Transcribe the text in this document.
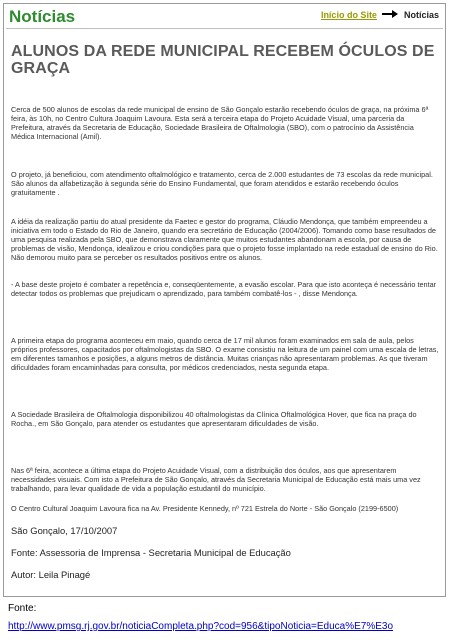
Notícias	Início do Site	Notícias
ALUNOS DA REDE MUNICIPAL RECEBEM ÓCULOS DE GRAÇA

Cerca de 500 alunos de escolas da rede municipal de ensino de São Gonçalo estarão recebendo óculos de graça, na próxima 6ª feira, às 10h, no Centro Cultura Joaquim Lavoura. Esta será a terceira etapa do Projeto Acuidade Visual, uma parceria da Prefeitura, através da Secretaria de Educação, Sociedade Brasileira de Oftalmologia (SBO), com o patrocínio da Assistência Médica Internacional (Amil).

O projeto, já beneficiou, com atendimento oftalmológico e tratamento, cerca de 2.000 estudantes de 73 escolas da rede municipal. São alunos da alfabetização à segunda série do Ensino Fundamental, que foram atendidos e estarão recebendo óculos gratuitamente .

A idéia da realização partiu do atual presidente da Faetec e gestor do programa, Cláudio Mendonça, que também empreendeu a iniciativa em todo o Estado do Rio de Janeiro, quando era secretário de Educação (2004/2006). Tomando como base resultados de uma pesquisa realizada pela SBO, que demonstrava claramente que muitos estudantes abandonam a escola, por causa de problemas de visão, Mendonça, idealizou e criou condições para que o projeto fosse implantado na rede estadual de ensino do Rio. Não demorou muito para se perceber os resultados positivos entre os alunos.

- A base deste projeto é combater a repetência e, conseqüentemente, a evasão escolar. Para que isto aconteça é necessário tentar detectar todos os problemas que prejudicam o aprendizado, para também combatê-los - , disse Mendonça.

A primeira etapa do programa aconteceu em maio, quando cerca de 17 mil alunos foram examinados em sala de aula, pelos próprios professores, capacitados por oftalmologistas da SBO. O exame consistiu na leitura de um painel com uma escala de letras, em diferentes tamanhos e posições, a alguns metros de distância. Muitas crianças não apresentaram problemas. As que tiveram dificuldades foram encaminhadas para consulta, por médicos credenciados, nesta segunda etapa.

A Sociedade Brasileira de Oftalmologia disponibilizou 40 oftalmologistas da Clínica Oftalmológica Hover, que fica na praça do Rocha., em São Gonçalo, para atender os estudantes que apresentaram dificuldades de visão.

Nas 6ª feira, acontece a última etapa do Projeto Acuidade Visual, com a distribuição dos óculos, aos que apresentarem necessidades visuais. Com isto a Prefeitura de São Gonçalo, através da Secretaria Municipal de Educação está mais uma vez trabalhando, para levar qualidade de vida a população estudantil do município.

O Centro Cultural Joaquim Lavoura fica na Av. Presidente Kennedy, nº 721 Estrela do Norte - São Gonçalo (2199-6500)

São Gonçalo, 17/10/2007

Fonte: Assessoria de Imprensa - Secretaria Municipal de Educação

Autor: Leila Pinagé

Fonte:
http://www.pmsg.rj.gov.br/noticiaCompleta.php?cod=956&tipoNoticia=Educa%E7%E3o
